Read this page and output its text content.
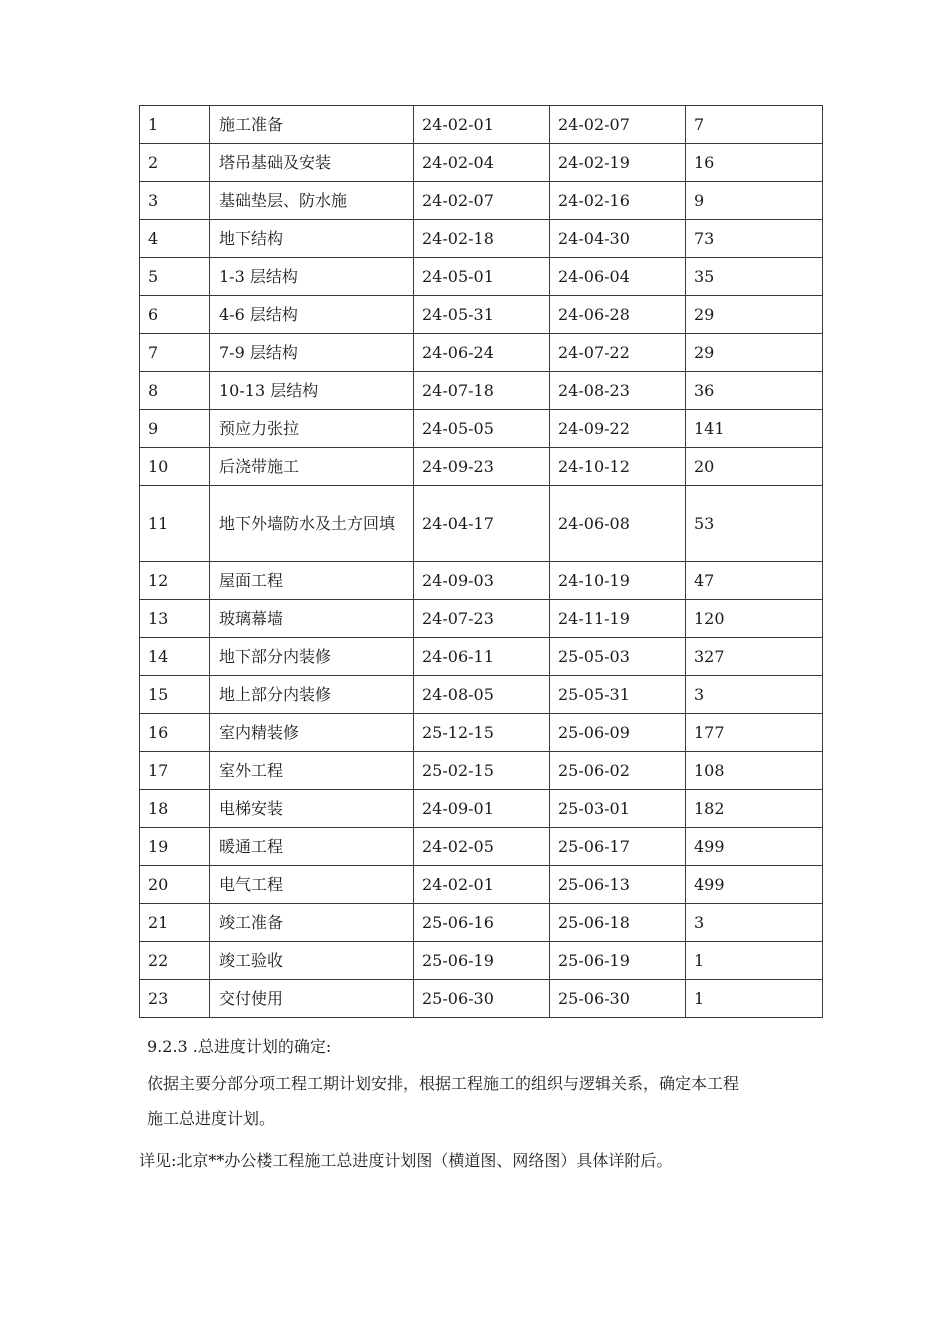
1	施工准备	24-02-01	24-02-07	7
2	塔吊基础及安装	24-02-04	24-02-19	16
3	基础垫层、防水施	24-02-07	24-02-16	9
4	地下结构	24-02-18	24-04-30	73
5	1-3 层结构	24-05-01	24-06-04	35
6	4-6 层结构	24-05-31	24-06-28	29
7	7-9 层结构	24-06-24	24-07-22	29
8	10-13 层结构	24-07-18	24-08-23	36
9	预应力张拉	24-05-05	24-09-22	141
10	后浇带施工	24-09-23	24-10-12	20
11	地下外墙防水及土方回填	24-04-17	24-06-08	53
12	屋面工程	24-09-03	24-10-19	47
13	玻璃幕墙	24-07-23	24-11-19	120
14	地下部分内装修	24-06-11	25-05-03	327
15	地上部分内装修	24-08-05	25-05-31	3
16	室内精装修	25-12-15	25-06-09	177
17	室外工程	25-02-15	25-06-02	108
18	电梯安装	24-09-01	25-03-01	182
19	暖通工程	24-02-05	25-06-17	499
20	电气工程	24-02-01	25-06-13	499
21	竣工准备	25-06-16	25-06-18	3
22	竣工验收	25-06-19	25-06-19	1
23	交付使用	25-06-30	25-06-30	1
9.2.3 .总进度计划的确定:
依据主要分部分项工程工期计划安排，根据工程施工的组织与逻辑关系，确定本工程
施工总进度计划。
详见:北京**办公楼工程施工总进度计划图（横道图、网络图）具体详附后。
